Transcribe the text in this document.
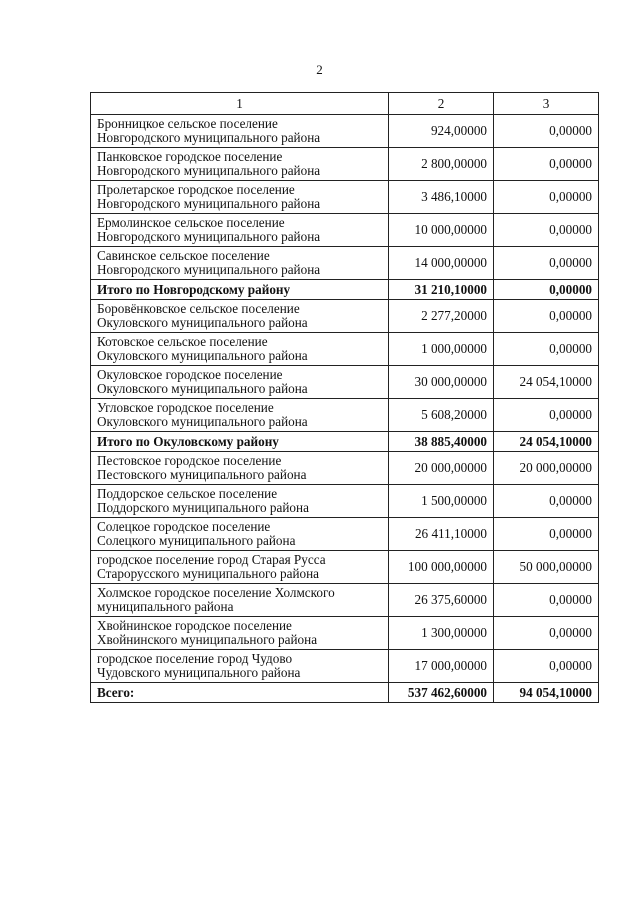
2
1	2	3

Бронницкое сельское поселение
Новгородского муниципального района	924,00000	0,00000

Панковское городское поселение
Новгородского муниципального района	2 800,00000	0,00000

Пролетарское городское поселение
Новгородского муниципального района	3 486,10000	0,00000

Ермолинское сельское поселение
Новгородского муниципального района	10 000,00000	0,00000

Савинское сельское поселение
Новгородского муниципального района	14 000,00000	0,00000

Итого по Новгородскому району	31 210,10000	0,00000

Боровёнковское сельское поселение
Окуловского муниципального района	2 277,20000	0,00000

Котовское сельское поселение
Окуловского муниципального района	1 000,00000	0,00000

Окуловское городское поселение
Окуловского муниципального района	30 000,00000	24 054,10000

Угловское городское поселение
Окуловского муниципального района	5 608,20000	0,00000

Итого по Окуловскому району	38 885,40000	24 054,10000

Пестовское городское поселение
Пестовского муниципального района	20 000,00000	20 000,00000

Поддорское сельское поселение
Поддорского муниципального района	1 500,00000	0,00000

Солецкое городское поселение
Солецкого муниципального района	26 411,10000	0,00000

городское поселение город Старая Русса
Старорусского муниципального района	100 000,00000	50 000,00000

Холмское городское поселение Холмского
муниципального района	26 375,60000	0,00000

Хвойнинское городское поселение
Хвойнинского муниципального района	1 300,00000	0,00000

городское поселение город Чудово
Чудовского муниципального района	17 000,00000	0,00000

Всего:	537 462,60000	94 054,10000
